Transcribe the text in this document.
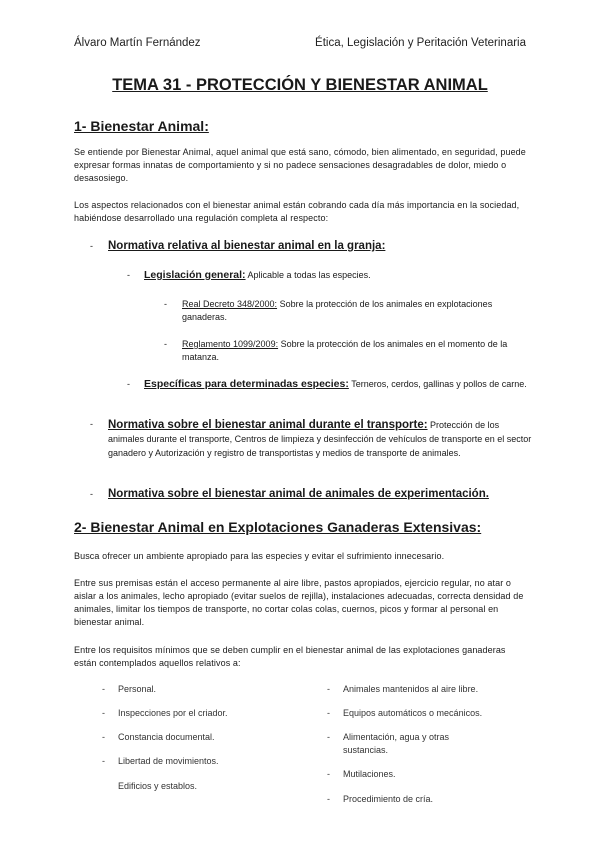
Álvaro Martín Fernández	Ética, Legislación y Peritación Veterinaria
TEMA 31 - PROTECCIÓN Y BIENESTAR ANIMAL
1- Bienestar Animal:
Se entiende por Bienestar Animal, aquel animal que está sano, cómodo, bien alimentado, en seguridad, puede expresar formas innatas de comportamiento y si no padece sensaciones desagradables de dolor, miedo o desasosiego.
Los aspectos relacionados con el bienestar animal están cobrando cada día más importancia en la sociedad, habiéndose desarrollado una regulación completa al respecto:
- Normativa relativa al bienestar animal en la granja:
- Legislación general: Aplicable a todas las especies.
- Real Decreto 348/2000: Sobre la protección de los animales en explotaciones ganaderas.
- Reglamento 1099/2009: Sobre la protección de los animales en el momento de la matanza.
- Específicas para determinadas especies: Terneros, cerdos, gallinas y pollos de carne.
- Normativa sobre el bienestar animal durante el transporte: Protección de los animales durante el transporte, Centros de limpieza y desinfección de vehículos de transporte en el sector ganadero y Autorización y registro de transportistas y medios de transporte de animales.
- Normativa sobre el bienestar animal de animales de experimentación.
2- Bienestar Animal en Explotaciones Ganaderas Extensivas:
Busca ofrecer un ambiente apropiado para las especies y evitar el sufrimiento innecesario.
Entre sus premisas están el acceso permanente al aire libre, pastos apropiados, ejercicio regular, no atar o aislar a los animales, lecho apropiado (evitar suelos de rejilla), instalaciones adecuadas, correcta densidad de animales, limitar los tiempos de transporte, no cortar colas colas, cuernos, picos y formar al personal en bienestar animal.
Entre los requisitos mínimos que se deben cumplir en el bienestar animal de las explotaciones ganaderas están contemplados aquellos relativos a:
- Personal.
- Inspecciones por el criador.
- Constancia documental.
- Libertad de movimientos.
Edificios y establos.
- Animales mantenidos al aire libre.
- Equipos automáticos o mecánicos.
- Alimentación, agua y otras sustancias.
- Mutilaciones.
- Procedimiento de cría.
